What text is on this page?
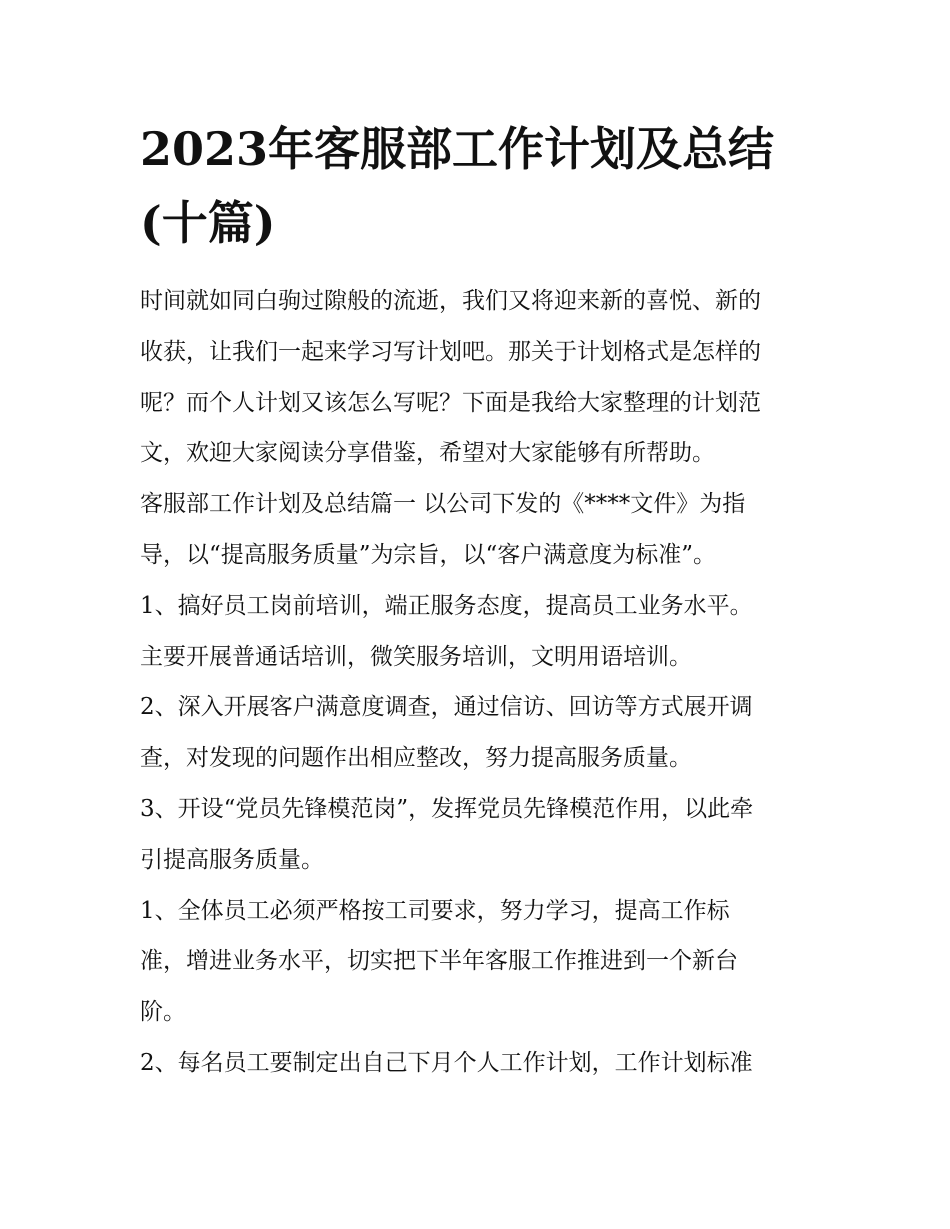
2023年客服部工作计划及总结
(十篇)
时间就如同白驹过隙般的流逝，我们又将迎来新的喜悦、新的
收获，让我们一起来学习写计划吧。那关于计划格式是怎样的
呢？而个人计划又该怎么写呢？下面是我给大家整理的计划范
文，欢迎大家阅读分享借鉴，希望对大家能够有所帮助。
客服部工作计划及总结篇一 以公司下发的《****文件》为指
导，以“提高服务质量”为宗旨，以“客户满意度为标准”。
1、搞好员工岗前培训，端正服务态度，提高员工业务水平。
主要开展普通话培训，微笑服务培训，文明用语培训。
2、深入开展客户满意度调查，通过信访、回访等方式展开调
查，对发现的问题作出相应整改，努力提高服务质量。
3、开设“党员先锋模范岗”，发挥党员先锋模范作用，以此牵
引提高服务质量。
1、全体员工必须严格按工司要求，努力学习，提高工作标
准，增进业务水平，切实把下半年客服工作推进到一个新台
阶。
2、每名员工要制定出自己下月个人工作计划，工作计划标准
